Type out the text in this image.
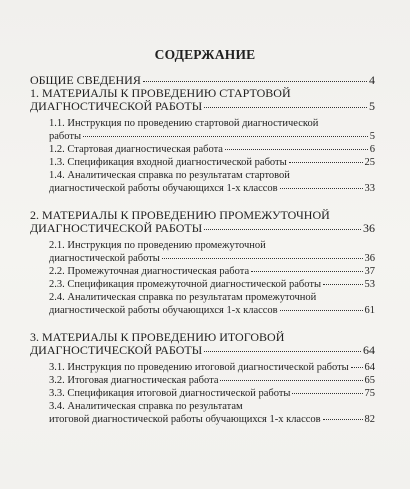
СОДЕРЖАНИЕ
ОБЩИЕ СВЕДЕНИЯ	4
1. МАТЕРИАЛЫ К ПРОВЕДЕНИЮ СТАРТОВОЙ
ДИАГНОСТИЧЕСКОЙ РАБОТЫ	5
1.1. Инструкция по проведению стартовой диагностической
работы	5
1.2. Стартовая диагностическая работа	6
1.3. Спецификация входной диагностической работы	25
1.4. Аналитическая справка по результатам стартовой
диагностической работы обучающихся 1-х классов	33
2. МАТЕРИАЛЫ К ПРОВЕДЕНИЮ ПРОМЕЖУТОЧНОЙ
ДИАГНОСТИЧЕСКОЙ РАБОТЫ	36
2.1. Инструкция по проведению промежуточной
диагностической работы	36
2.2. Промежуточная диагностическая работа	37
2.3. Спецификация промежуточной диагностической работы	53
2.4. Аналитическая справка по результатам промежуточной
диагностической работы обучающихся 1-х классов	61
3. МАТЕРИАЛЫ К ПРОВЕДЕНИЮ ИТОГОВОЙ
ДИАГНОСТИЧЕСКОЙ РАБОТЫ	64
3.1. Инструкция по проведению итоговой диагностической работы 64
3.2. Итоговая диагностическая работа	65
3.3. Спецификация итоговой диагностической работы	75
3.4. Аналитическая справка по результатам
итоговой диагностической работы обучающихся 1-х классов	82
